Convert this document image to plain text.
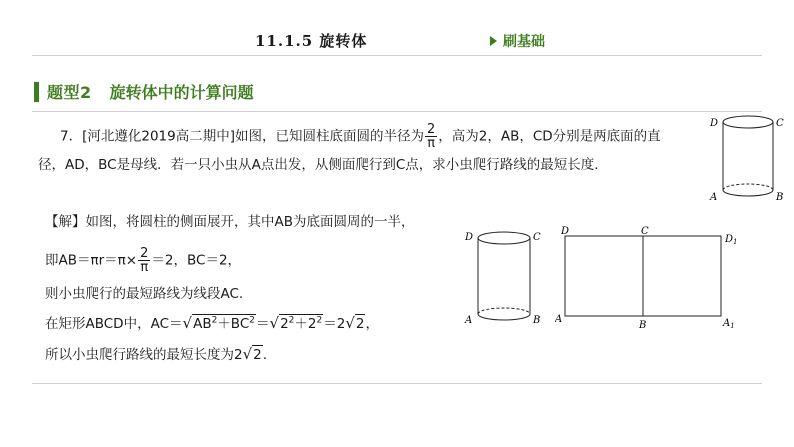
11.1.5 旋转体	刷基础
题型2 旋转体中的计算问题
7．[河北遵化2019高二期中]如图，已知圆柱底面圆的半径为 $\frac{2}{\pi}$ ，高为2，AB，CD分别是两底面的直
径，AD，BC是母线．若一只小虫从A点出发，从侧面爬行到C点，求小虫爬行路线的最短长度．
【解】如图，将圆柱的侧面展开，其中AB为底面圆周的一半，
即$AB=\pi r=\pi\times \frac{2}{\pi} =2$，BC＝2，
则小虫爬行的最短路线为线段AC.
在矩形ABCD中，AC＝ √ $AB^2+BC^2$ ＝ √ $2^2+2^2 =2$ √ 2 ，
所以小虫爬行路线的最短长度为2 √ 2 .
D	C
A	B
D	C
A	B
D	C
$D_1$
A
B	$A_1$
